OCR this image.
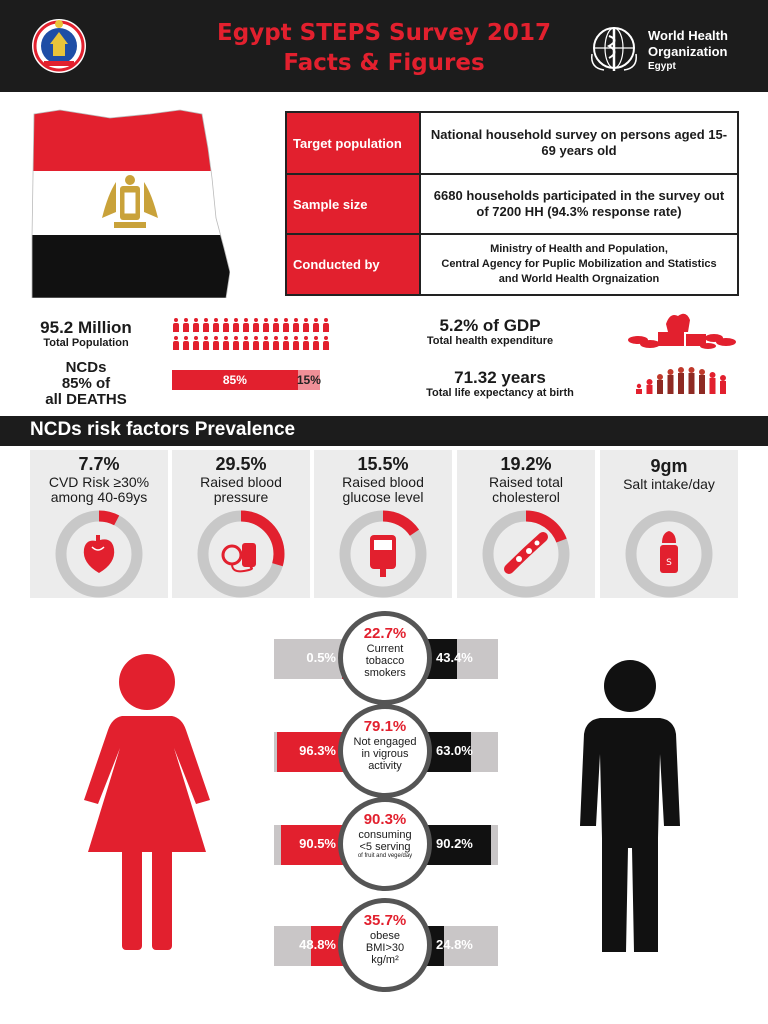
Egypt STEPS Survey 2017
Facts & Figures
World Health
Organization
Egypt
Target population
National household survey on persons aged 15-69 years old
Sample size
6680 households participated in the survey out of 7200 HH (94.3% response rate)
Conducted by
Ministry of Health and Population,
Central Agency for Puplic Mobilization and Statistics
and World Health Orgnaization
95.2 Million
Total Population
NCDs
85% of
all DEATHS
85%	15%
5.2% of GDP
Total health expenditure
71.32 years
Total life expectancy at birth
NCDs risk factors Prevalence
7.7%
CVD Risk ≥30%
among 40-69ys
29.5%
Raised blood
pressure
15.5%
Raised blood
glucose level
19.2%
Raised total
cholesterol
9gm
Salt intake/day
S
0.5%	43.4%
22.7%
Current
tobacco
smokers
96.3%	63.0%
79.1%
Not engaged
in vigrous
activity
90.5%	90.2%
90.3%
consuming
<5 serving
of fruit and vege/day
48.8%	24.8%
35.7%
obese
BMI>30
kg/m²
